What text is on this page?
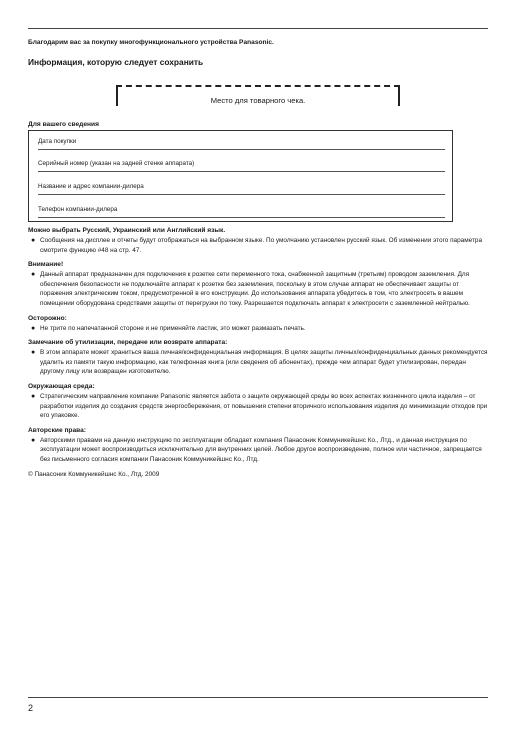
Благодарим вас за покупку многофункционального устройства Panasonic.
Информация, которую следует сохранить
Место для товарного чека.
Для вашего сведения
Дата покупки
Серийный номер (указан на задней стенке аппарата)
Название и адрес компании-дилера
Телефон компании-дилера

Можно выбрать Русский, Украинский или Английский язык.

● Сообщения на дисплее и отчеты будут отображаться на выбранном языке. По умолчанию установлен русский язык. Об изменении этого параметра смотрите функцию #48 на стр. 47.

Внимание!

● Данный аппарат предназначен для подключения к розетке сети переменного тока, снабженной защитным (третьим) проводом заземления. Для обеспечения безопасности не подключайте аппарат к розетке без заземления, поскольку в этом случае аппарат не обеспечивает защиты от поражения электрическим током, предусмотренной в его конструкции. До использования аппарата убедитесь в том, что электросеть в вашем помещении оборудована средствами защиты от перегрузки по току. Разрешается подключать аппарат к электросети с заземленной нейтралью.

Осторожно:

● Не трите по напечатанной стороне и не применяйте ластик, это может размазать печать.

Замечание об утилизации, передаче или возврате аппарата:

● В этом аппарате может храниться ваша личная/конфиденциальная информация. В целях защиты личных/конфиденциальных данных рекомендуется удалить из памяти такую информацию, как телефонная книга (или сведения об абонентах), прежде чем аппарат будет утилизирован, передан другому лицу или возвращен изготовителю.

Окружающая среда:

● Стратегическим направление компании Panasonic является забота о защите окружающей среды во всех аспектах жизненного цикла изделия – от разработки изделия до создания средств энергосбережения, от повышения степени вторичного использования изделия до минимизации отходов при его упаковке.

Авторские права:

● Авторскими правами на данную инструкцию по эксплуатации обладает компания Панасоник Коммуникейшнс Ко., Лтд., и данная инструкция по эксплуатации может воспроизводиться исключительно для внутренних целей. Любое другое воспроизведение, полное или частичное, запрещается без письменного согласия компании Панасоник Коммуникейшнс Ко., Лтд.

© Панасоник Коммуникейшнс Ко., Лтд. 2009
2
